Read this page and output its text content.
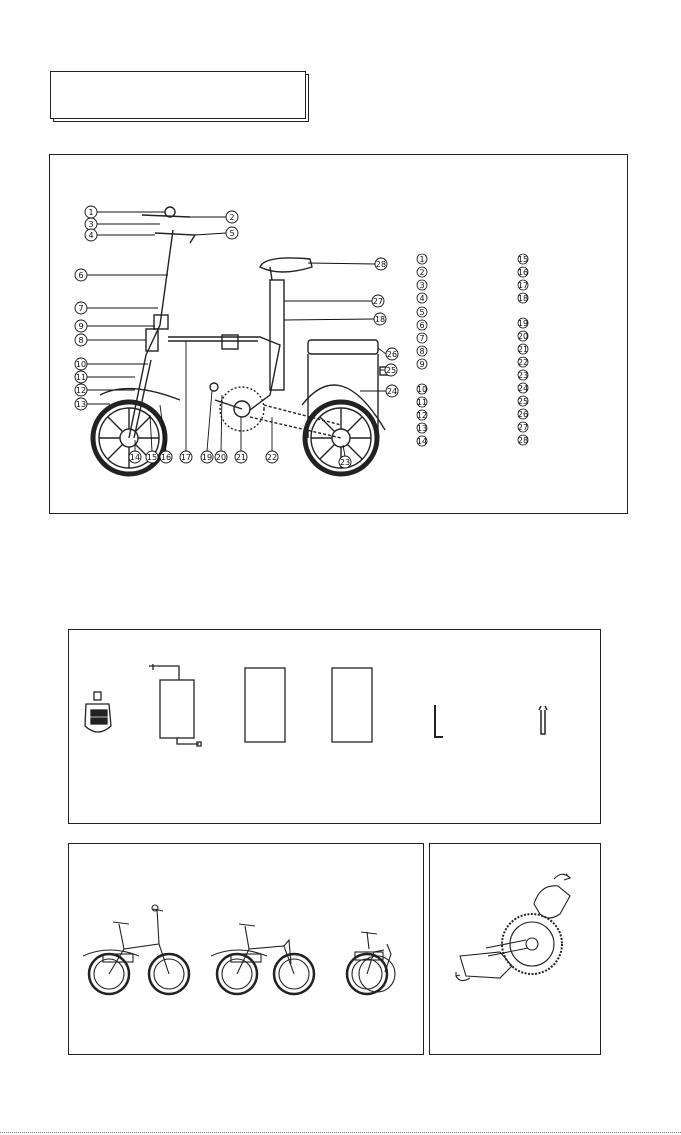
1
2
3
4	5
6
7
9
8
10
11
12
13
14 15 16 17 19 20 21	22
23
24
25
26
18
27
28
1
2
3
4
5
6
7
8
9
10
11
12
13
14
15
16
17
18
19
20
21
22
23
24
25
26
27
28
